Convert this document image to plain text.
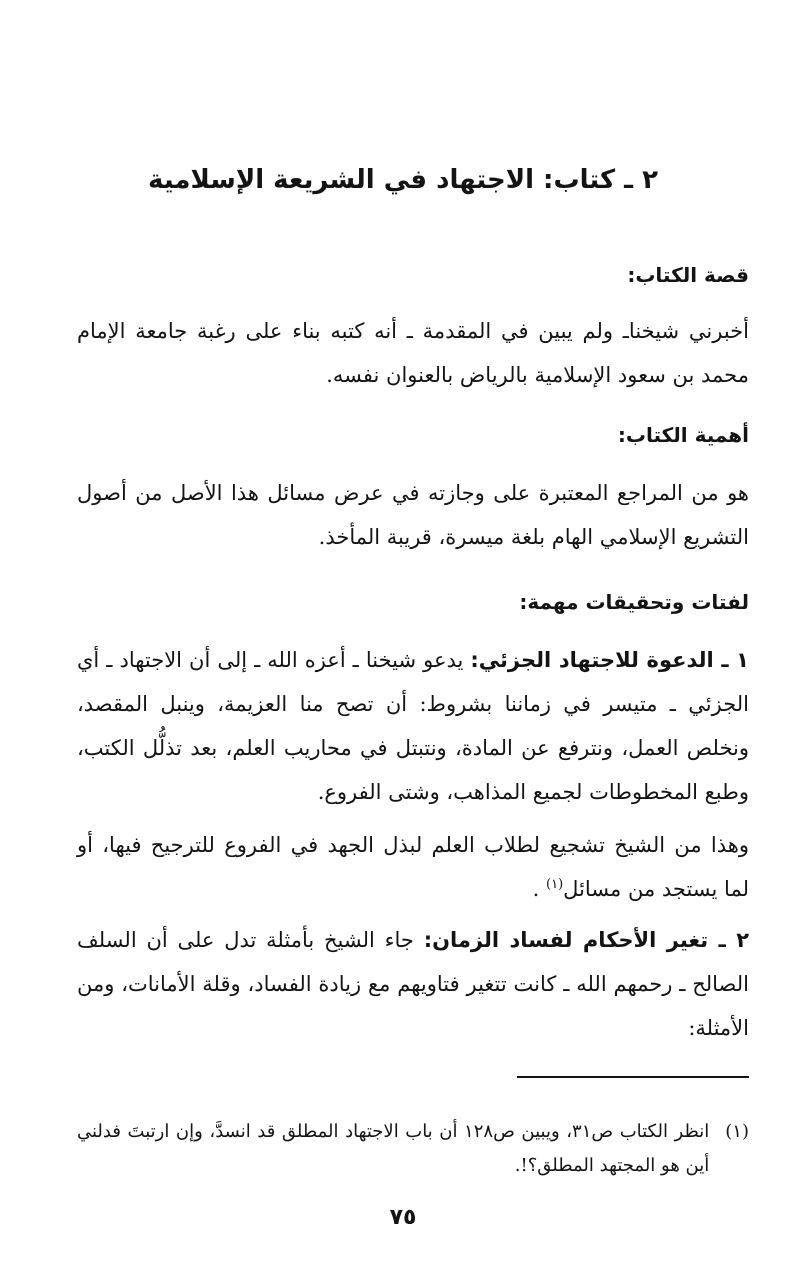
٢ ـ كتاب: الاجتهاد في الشريعة الإسلامية
قصة الكتاب:

أخبرني شيخناـ ولم يبين في المقدمة ـ أنه كتبه بناء على رغبة جامعة الإمام محمد بن سعود الإسلامية بالرياض بالعنوان نفسه.

أهمية الكتاب:

هو من المراجع المعتبرة على وجازته في عرض مسائل هذا الأصل من أصول التشريع الإسلامي الهام بلغة ميسرة، قريبة المأخذ.

لفتات وتحقيقات مهمة:

١ ـ الدعوة للاجتهاد الجزئي: يدعو شيخنا ـ أعزه الله ـ إلى أن الاجتهاد ـ أي الجزئي ـ متيسر في زماننا بشروط: أن تصح منا العزيمة، وينبل المقصد، ونخلص العمل، ونترفع عن المادة، ونتبتل في محاريب العلم، بعد تذلُّل الكتب، وطبع المخطوطات لجميع المذاهب، وشتى الفروع.

وهذا من الشيخ تشجيع لطلاب العلم لبذل الجهد في الفروع للترجيح فيها، أو لما يستجد من مسائل$^{(١)}$ .

٢ ـ تغير الأحكام لفساد الزمان: جاء الشيخ بأمثلة تدل على أن السلف الصالح ـ رحمهم الله ـ كانت تتغير فتاويهم مع زيادة الفساد، وقلة الأمانات، ومن الأمثلة:

(١)
انظر الكتاب ص٣١، ويبين ص١٢٨ أن باب الاجتهاد المطلق قد انسدَّ، وإن ارتبتَ فدلني أين هو المجتهد المطلق؟!.
٧٥
